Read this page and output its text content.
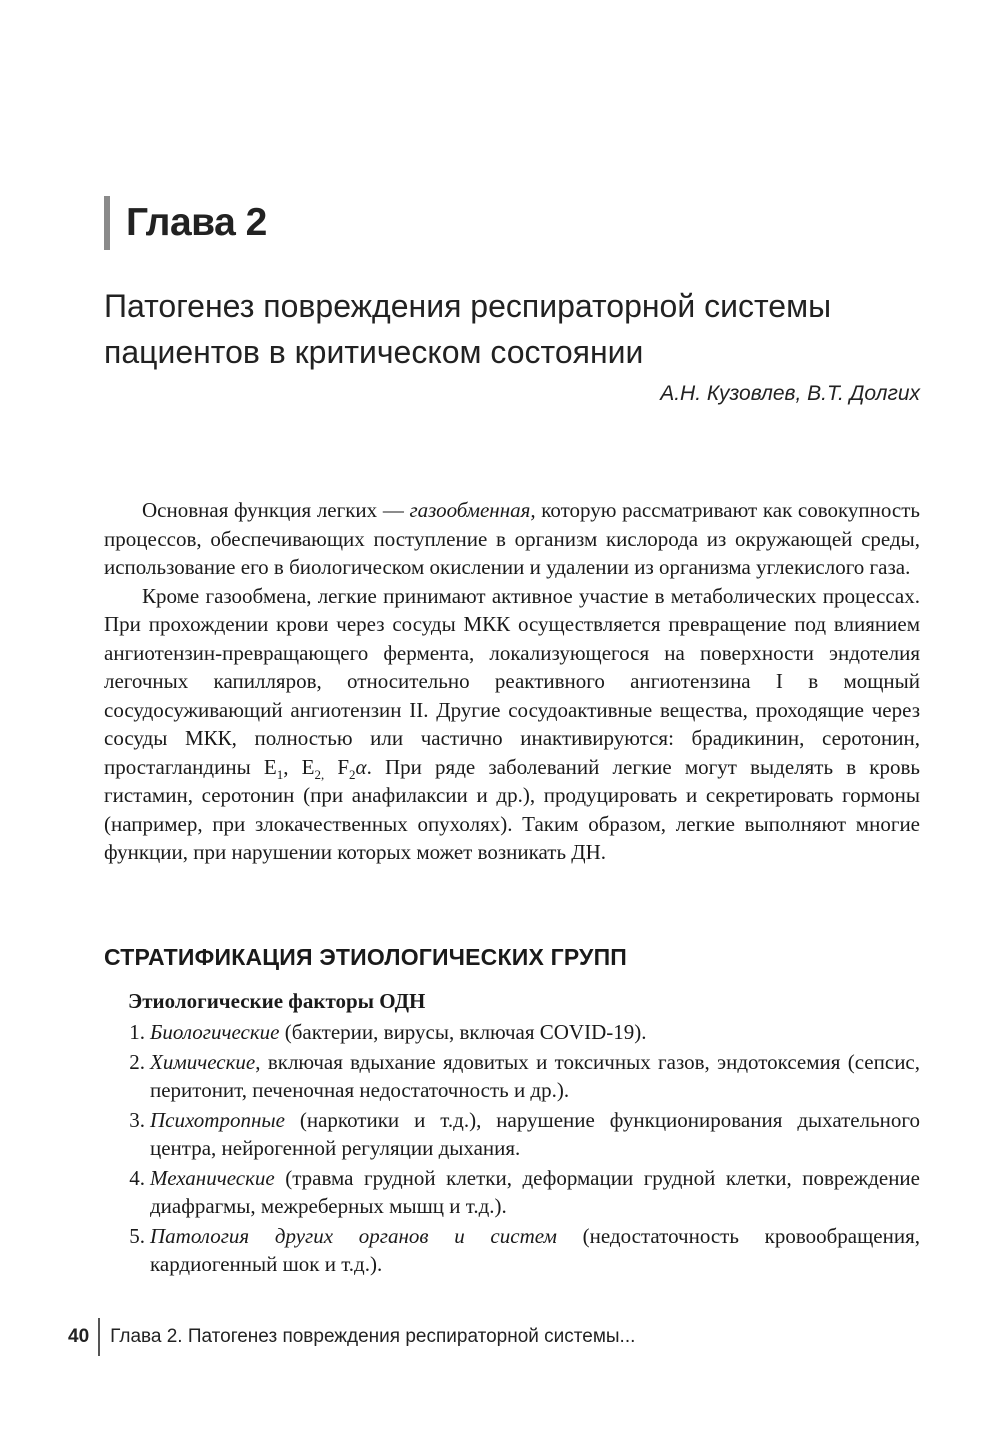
Глава 2
Патогенез повреждения респираторной системы пациентов в критическом состоянии
А.Н. Кузовлев, В.Т. Долгих

Основная функция легких — газообменная, которую рассматривают как совокупность процессов, обеспечивающих поступление в организм кислорода из окружающей среды, использование его в биологическом окислении и удалении из организма углекислого газа.

Кроме газообмена, легкие принимают активное участие в метаболических процессах. При прохождении крови через сосуды МКК осуществляется превращение под влиянием ангиотензин-превращающего фермента, локализующегося на поверхности эндотелия легочных капилляров, относительно реактивного ангиотензина I в мощный сосудосуживающий ангиотензин II. Другие сосудоактивные вещества, проходящие через сосуды МКК, полностью или частично инактивируются: брадикинин, серотонин, простагландины $E_1$, $E_{2,}$ $F_2\alpha$. При ряде заболеваний легкие могут выделять в кровь гистамин, серотонин (при анафилаксии и др.), продуцировать и секретировать гормоны (например, при злокачественных опухолях). Таким образом, легкие выполняют многие функции, при нарушении которых может возникать ДН.

СТРАТИФИКАЦИЯ ЭТИОЛОГИЧЕСКИХ ГРУПП
Этиологические факторы ОДН
1. Биологические (бактерии, вирусы, включая COVID-19).
2. Химические, включая вдыхание ядовитых и токсичных газов, эндотоксемия (сепсис, перитонит, печеночная недостаточность и др.).
3. Психотропные (наркотики и т.д.), нарушение функционирования дыхательного центра, нейрогенной регуляции дыхания.
4. Механические (травма грудной клетки, деформации грудной клетки, повреждение диафрагмы, межреберных мышц и т.д.).
5. Патология других органов и систем (недостаточность кровообращения, кардиогенный шок и т.д.).
40 Глава 2. Патогенез повреждения респираторной системы...
